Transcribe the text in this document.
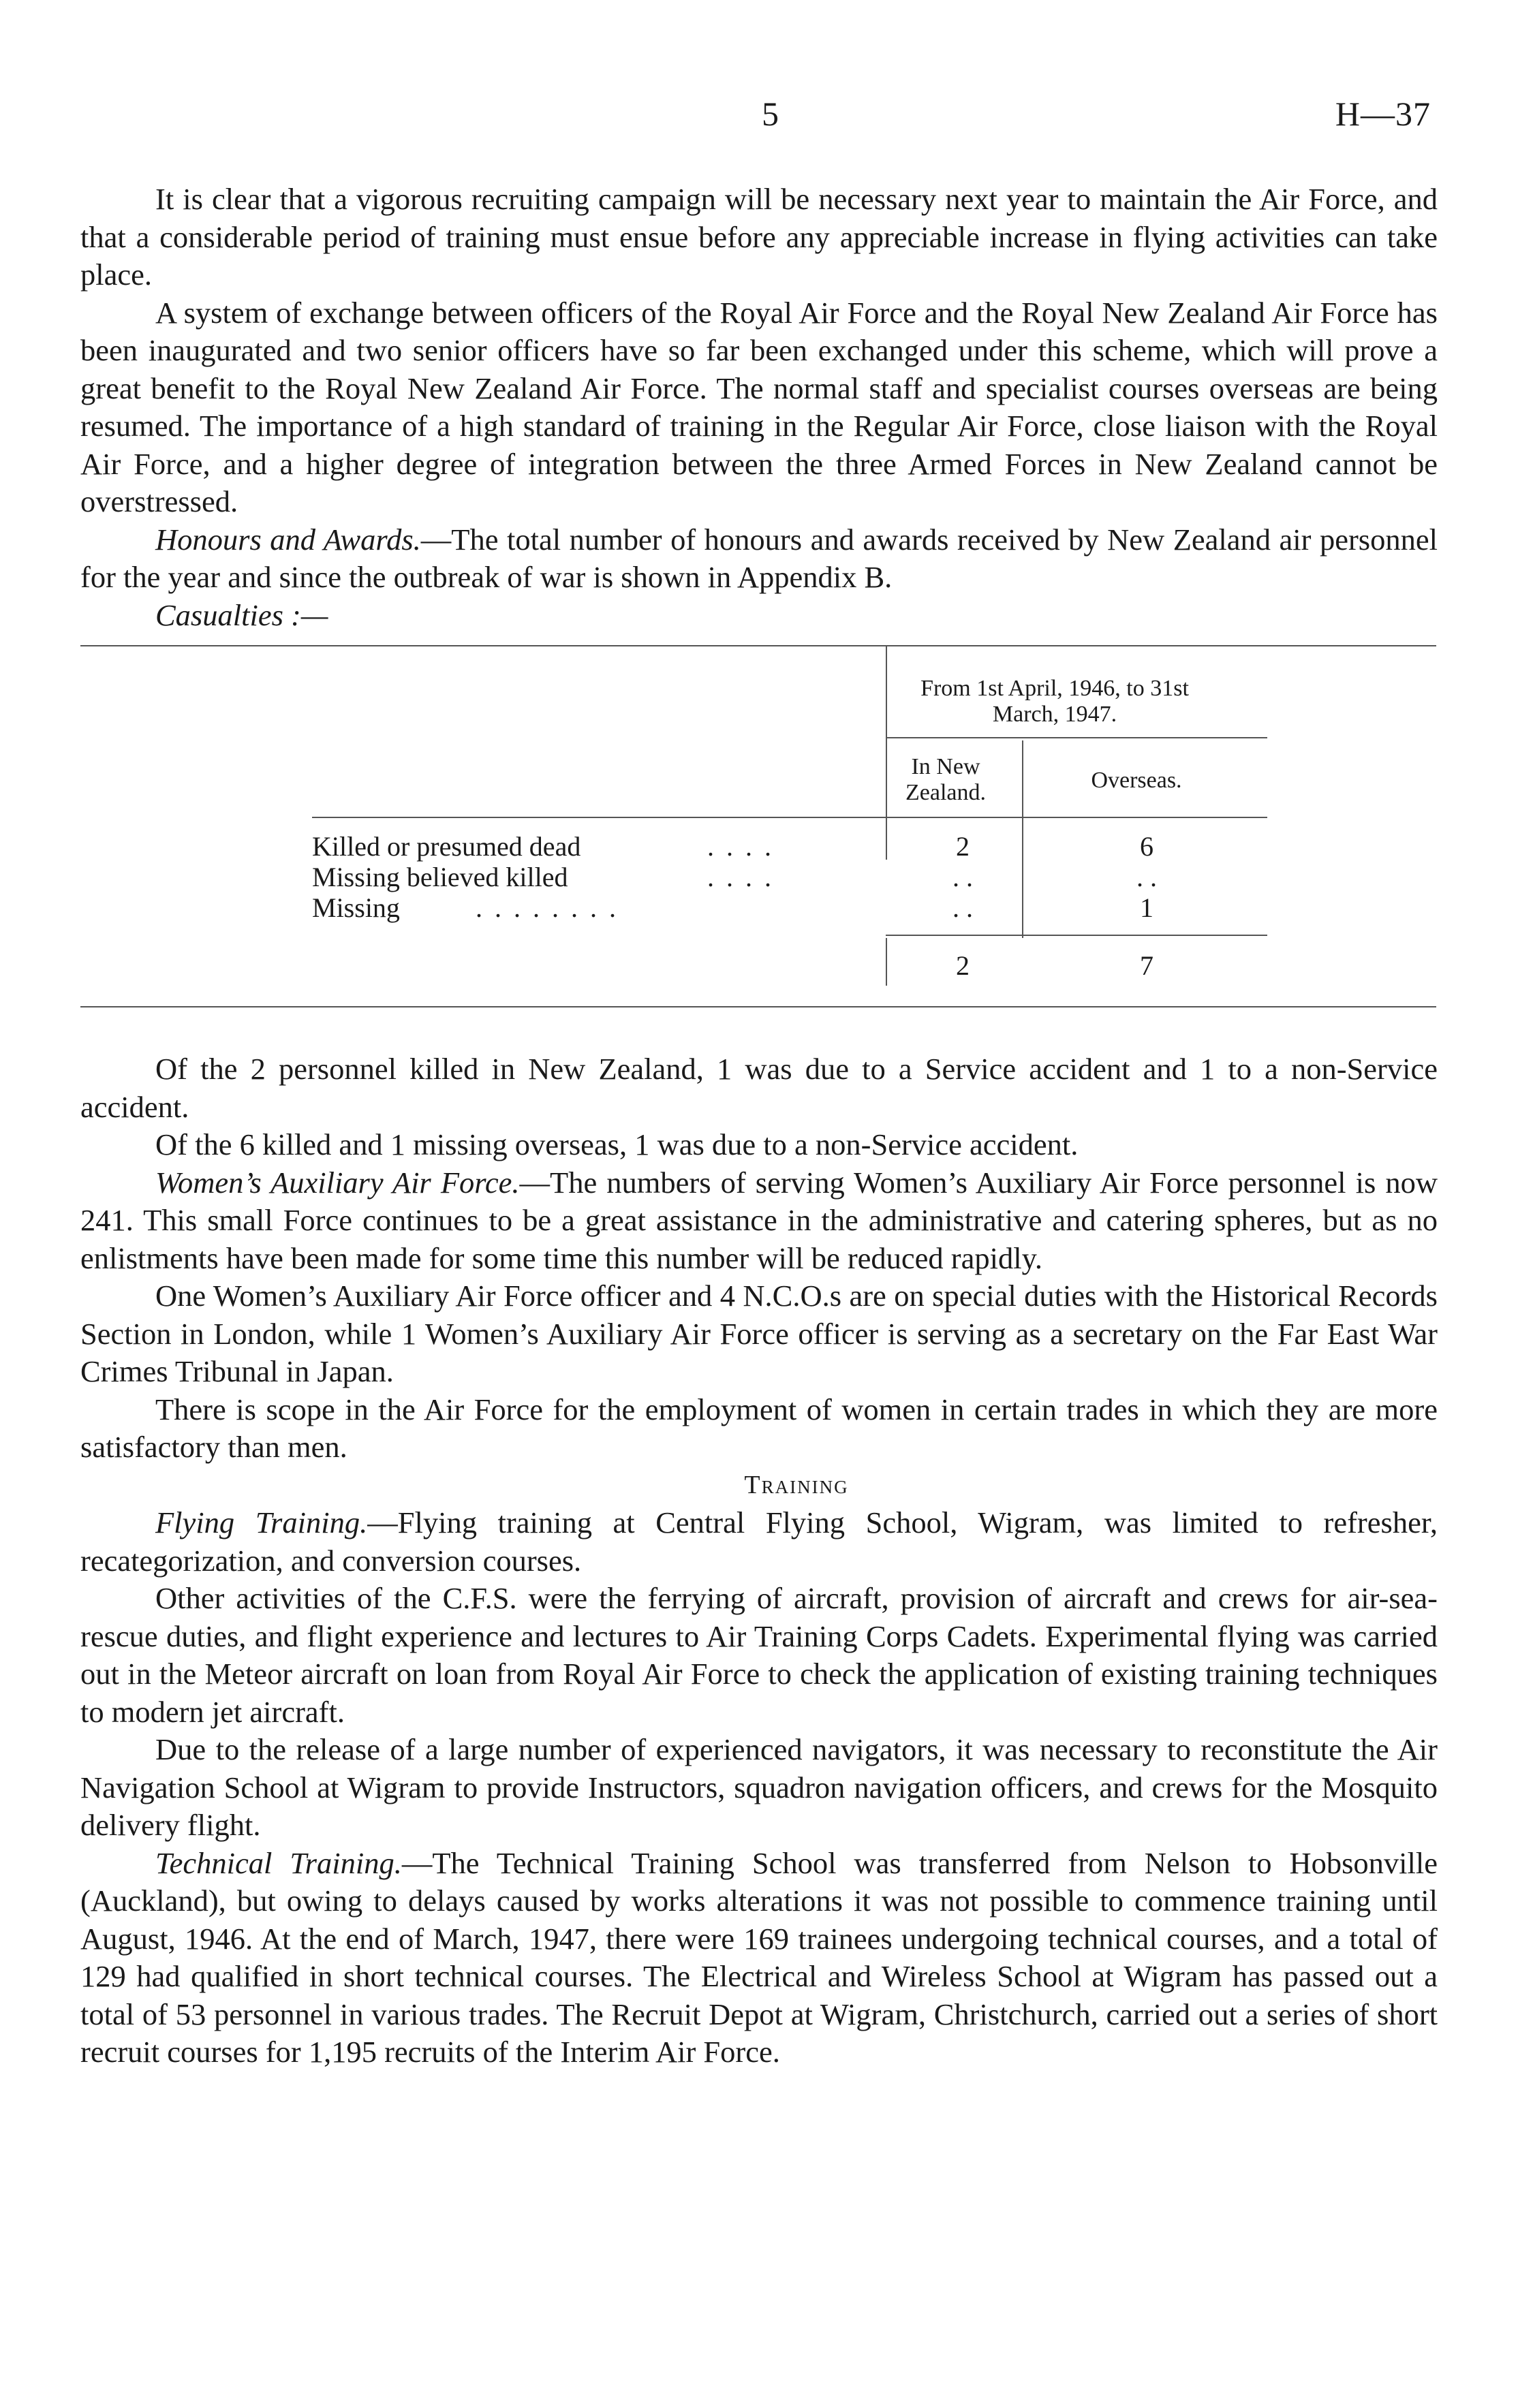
5	H—37

It is clear that a vigorous recruiting campaign will be necessary next year to maintain the Air Force, and that a considerable period of training must ensue before any appreciable increase in flying activities can take place.

A system of exchange between officers of the Royal Air Force and the Royal New Zealand Air Force has been inaugurated and two senior officers have so far been exchanged under this scheme, which will prove a great benefit to the Royal New Zealand Air Force. The normal staff and specialist courses overseas are being resumed. The importance of a high standard of training in the Regular Air Force, close liaison with the Royal Air Force, and a higher degree of integration between the three Armed Forces in New Zealand cannot be overstressed.

Honours and Awards.—The total number of honours and awards received by New Zealand air personnel for the year and since the outbreak of war is shown in Appendix B.

Casualties :—
From 1st April, 1946, to 31st March, 1947.
In New Zealand.	Overseas.
Killed or presumed dead	. . . .	2	6
Missing believed killed	. . . .	. .	. .
Missing	. . . . . . . .	. .	1
2	7

Of the 2 personnel killed in New Zealand, 1 was due to a Service accident and 1 to a non-Service accident.

Of the 6 killed and 1 missing overseas, 1 was due to a non-Service accident.

Women’s Auxiliary Air Force.—The numbers of serving Women’s Auxiliary Air Force personnel is now 241. This small Force continues to be a great assistance in the administrative and catering spheres, but as no enlistments have been made for some time this number will be reduced rapidly.

One Women’s Auxiliary Air Force officer and 4 N.C.O.s are on special duties with the Historical Records Section in London, while 1 Women’s Auxiliary Air Force officer is serving as a secretary on the Far East War Crimes Tribunal in Japan.

There is scope in the Air Force for the employment of women in certain trades in which they are more satisfactory than men.

Training

Flying Training.—Flying training at Central Flying School, Wigram, was limited to refresher, recategorization, and conversion courses.

Other activities of the C.F.S. were the ferrying of aircraft, provision of aircraft and crews for air-sea-rescue duties, and flight experience and lectures to Air Training Corps Cadets. Experimental flying was carried out in the Meteor aircraft on loan from Royal Air Force to check the application of existing training techniques to modern jet aircraft.

Due to the release of a large number of experienced navigators, it was necessary to reconstitute the Air Navigation School at Wigram to provide Instructors, squadron navigation officers, and crews for the Mosquito delivery flight.

Technical Training.—The Technical Training School was transferred from Nelson to Hobsonville (Auckland), but owing to delays caused by works alterations it was not possible to commence training until August, 1946. At the end of March, 1947, there were 169 trainees undergoing technical courses, and a total of 129 had qualified in short technical courses. The Electrical and Wireless School at Wigram has passed out a total of 53 personnel in various trades. The Recruit Depot at Wigram, Christchurch, carried out a series of short recruit courses for 1,195 recruits of the Interim Air Force.
